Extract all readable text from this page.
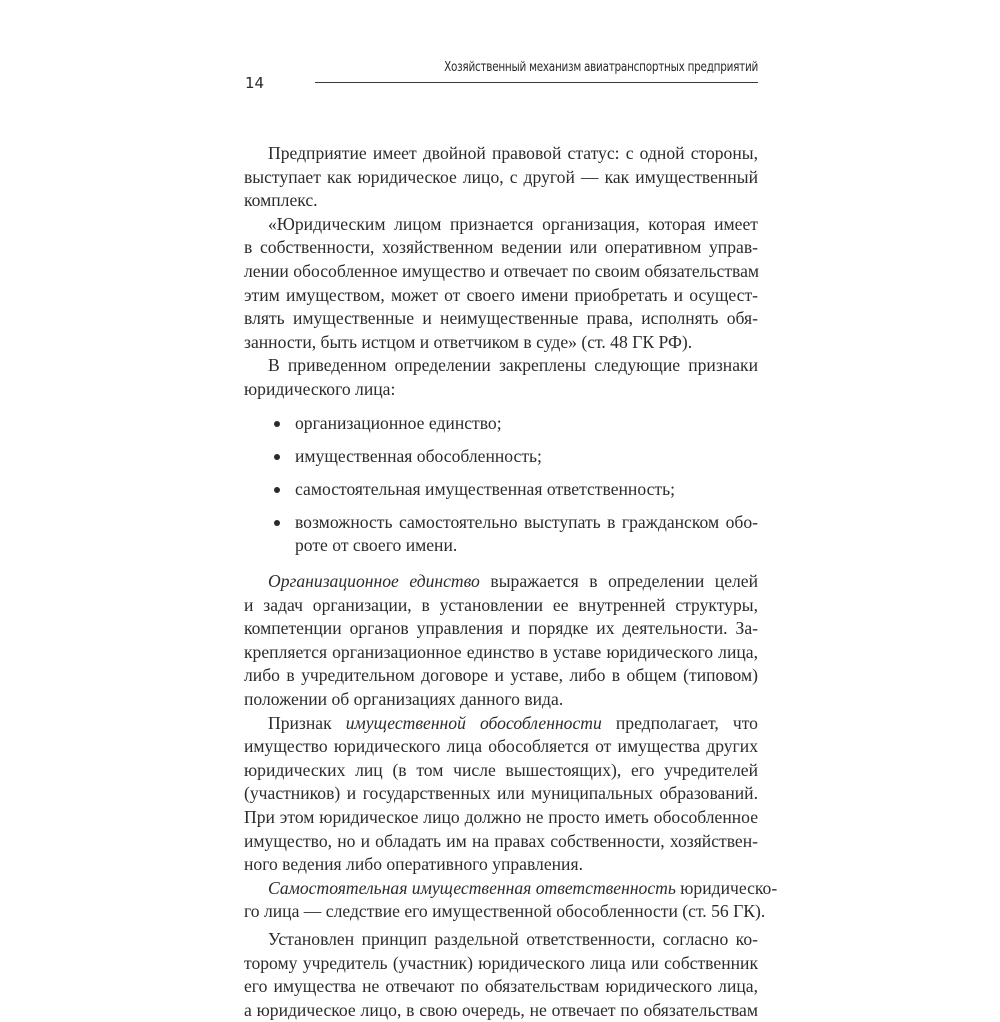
14
Хозяйственный механизм авиатранспортных предприятий
Предприятие имеет двойной правовой статус: с одной стороны,
выступает как юридическое лицо, с другой — как имущественный
комплекс.
«Юридическим лицом признается организация, которая имеет
в собственности, хозяйственном ведении или оперативном управ-
лении обособленное имущество и отвечает по своим обязательствам
этим имуществом, может от своего имени приобретать и осущест-
влять имущественные и неимущественные права, исполнять обя-
занности, быть истцом и ответчиком в суде» (ст. 48 ГК РФ).
В приведенном определении закреплены следующие признаки
юридического лица:
организационное единство;
имущественная обособленность;
самостоятельная имущественная ответственность;
возможность самостоятельно выступать в гражданском обо-
роте от своего имени.
Организационное единство выражается в определении целей
и задач организации, в установлении ее внутренней структуры,
компетенции органов управления и порядке их деятельности. За-
крепляется организационное единство в уставе юридического лица,
либо в учредительном договоре и уставе, либо в общем (типовом)
положении об организациях данного вида.
Признак имущественной обособленности предполагает, что
имущество юридического лица обособляется от имущества других
юридических лиц (в том числе вышестоящих), его учредителей
(участников) и государственных или муниципальных образований.
При этом юридическое лицо должно не просто иметь обособленное
имущество, но и обладать им на правах собственности, хозяйствен-
ного ведения либо оперативного управления.
Самостоятельная имущественная ответственность юридическо-
го лица — следствие его имущественной обособленности (ст. 56 ГК).
Установлен принцип раздельной ответственности, согласно ко-
торому учредитель (участник) юридического лица или собственник
его имущества не отвечают по обязательствам юридического лица,
а юридическое лицо, в свою очередь, не отвечает по обязательствам
